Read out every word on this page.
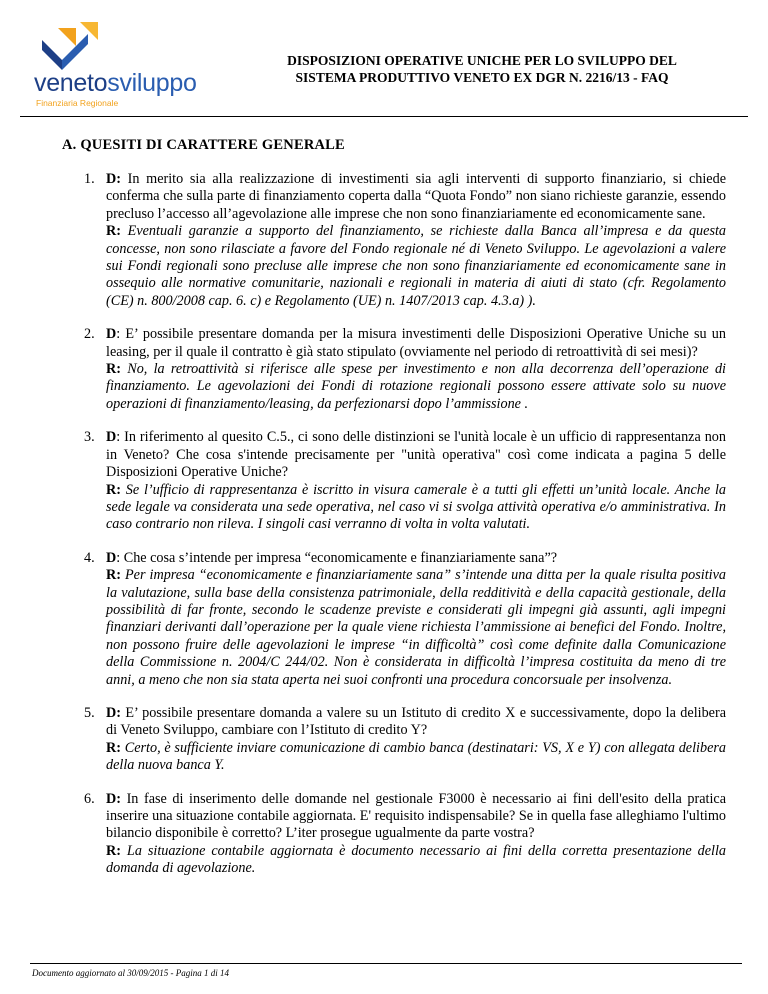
venetosviluppo
Finanziaria Regionale
DISPOSIZIONI OPERATIVE UNICHE PER LO SVILUPPO DEL
SISTEMA PRODUTTIVO VENETO EX DGR N. 2216/13 - FAQ
A. QUESITI DI CARATTERE GENERALE
1. D: In merito sia alla realizzazione di investimenti sia agli interventi di supporto finanziario, si chiede conferma che sulla parte di finanziamento coperta dalla “Quota Fondo” non siano richieste garanzie, essendo precluso l’accesso all’agevolazione alle imprese che non sono finanziariamente ed economicamente sane.
R: Eventuali garanzie a supporto del finanziamento, se richieste dalla Banca all’impresa e da questa concesse, non sono rilasciate a favore del Fondo regionale né di Veneto Sviluppo. Le agevolazioni a valere sui Fondi regionali sono precluse alle imprese che non sono finanziariamente ed economicamente sane in ossequio alle normative comunitarie, nazionali e regionali in materia di aiuti di stato (cfr. Regolamento (CE) n. 800/2008 cap. 6. c) e Regolamento (UE) n. 1407/2013 cap. 4.3.a) ).
2. D: E’ possibile presentare domanda per la misura investimenti delle Disposizioni Operative Uniche su un leasing, per il quale il contratto è già stato stipulato (ovviamente nel periodo di retroattività di sei mesi)?
R: No, la retroattività si riferisce alle spese per investimento e non alla decorrenza dell’operazione di finanziamento. Le agevolazioni dei Fondi di rotazione regionali possono essere attivate solo su nuove operazioni di finanziamento/leasing, da perfezionarsi dopo l’ammissione .
3. D: In riferimento al quesito C.5., ci sono delle distinzioni se l'unità locale è un ufficio di rappresentanza non in Veneto? Che cosa s'intende precisamente per "unità operativa" così come indicata a pagina 5 delle Disposizioni Operative Uniche?
R: Se l’ufficio di rappresentanza è iscritto in visura camerale è a tutti gli effetti un’unità locale. Anche la sede legale va considerata una sede operativa, nel caso vi si svolga attività operativa e/o amministrativa. In caso contrario non rileva. I singoli casi verranno di volta in volta valutati.
4. D: Che cosa s’intende per impresa “economicamente e finanziariamente sana”?
R: Per impresa “economicamente e finanziariamente sana” s’intende una ditta per la quale risulta positiva la valutazione, sulla base della consistenza patrimoniale, della redditività e della capacità gestionale, della possibilità di far fronte, secondo le scadenze previste e considerati gli impegni già assunti, agli impegni finanziari derivanti dall’operazione per la quale viene richiesta l’ammissione ai benefici del Fondo. Inoltre, non possono fruire delle agevolazioni le imprese “in difficoltà” così come definite dalla Comunicazione della Commissione n. 2004/C 244/02. Non è considerata in difficoltà l’impresa costituita da meno di tre anni, a meno che non sia stata aperta nei suoi confronti una procedura concorsuale per insolvenza.
5. D: E’ possibile presentare domanda a valere su un Istituto di credito X e successivamente, dopo la delibera di Veneto Sviluppo, cambiare con l’Istituto di credito Y?
R: Certo, è sufficiente inviare comunicazione di cambio banca (destinatari: VS, X e Y) con allegata delibera della nuova banca Y.
6. D: In fase di inserimento delle domande nel gestionale F3000 è necessario ai fini dell'esito della pratica inserire una situazione contabile aggiornata. E' requisito indispensabile? Se in quella fase alleghiamo l'ultimo bilancio disponibile è corretto? L’iter prosegue ugualmente da parte vostra?
R: La situazione contabile aggiornata è documento necessario ai fini della corretta presentazione della domanda di agevolazione.
Documento aggiornato al 30/09/2015 - Pagina 1 di 14
